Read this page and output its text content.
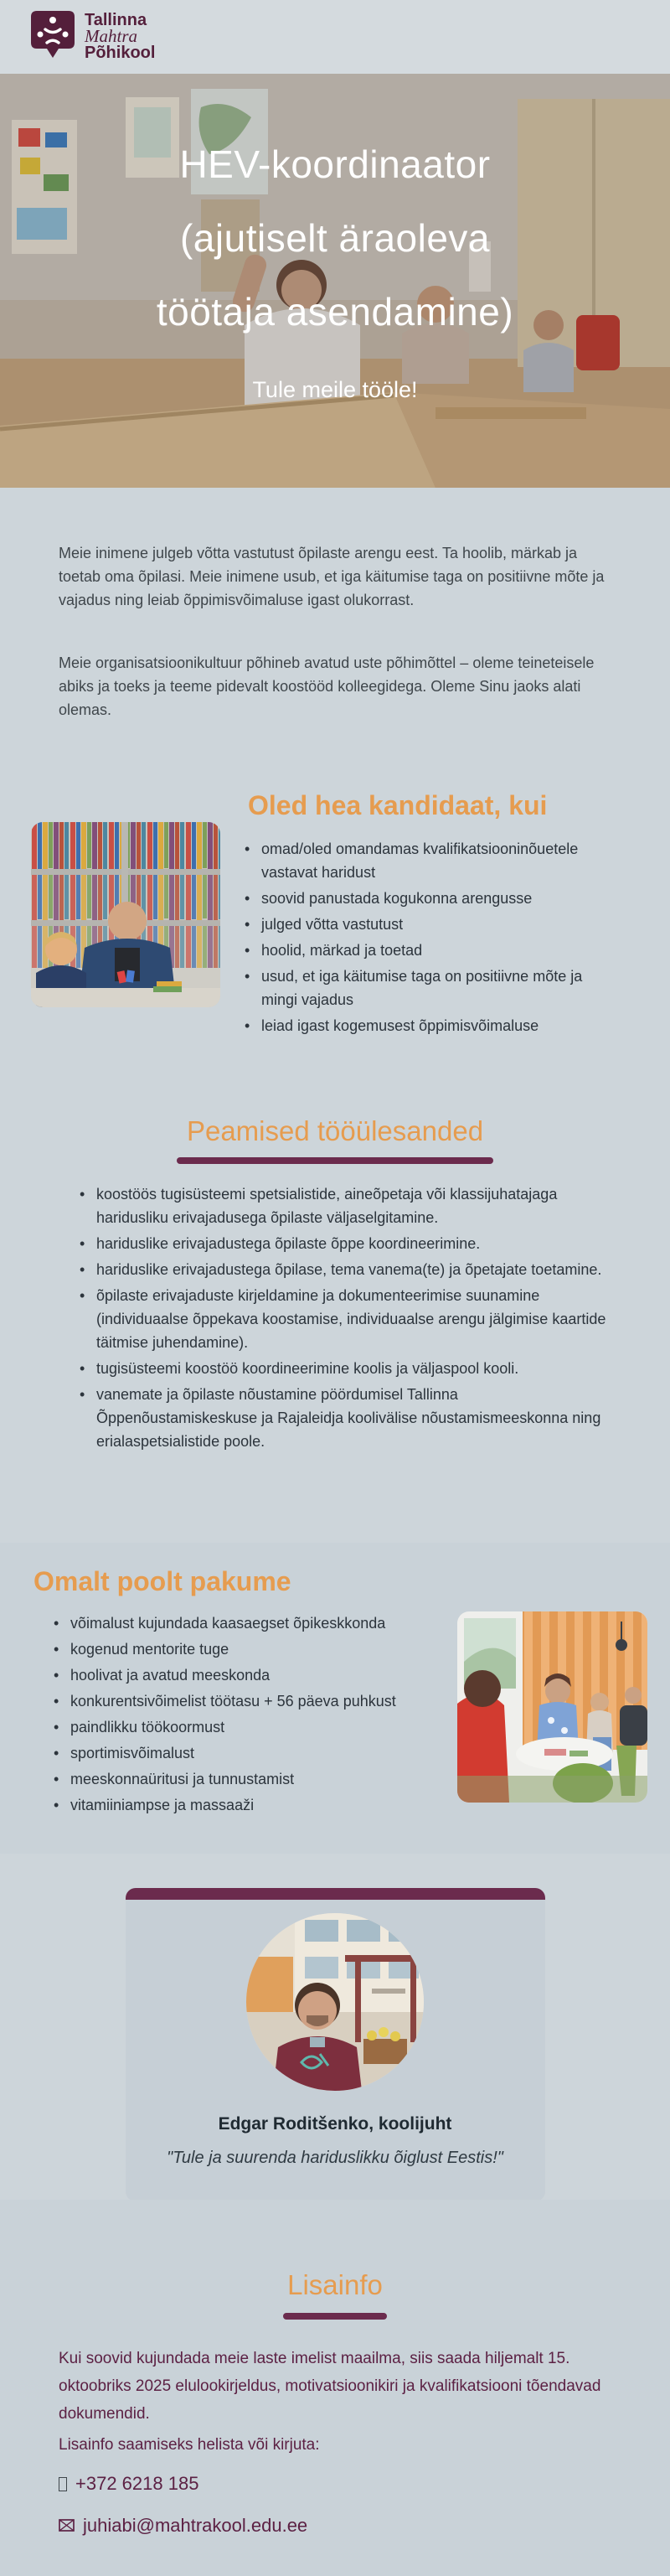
Tallinna
Mahtra
Põhikool
HEV-koordinaator
(ajutiselt äraoleva
töötaja asendamine)
Tule meile tööle!

Meie inimene julgeb võtta vastutust õpilaste arengu eest. Ta hoolib, märkab ja toetab oma õpilasi. Meie inimene usub, et iga käitumise taga on positiivne mõte ja vajadus ning leiab õppimisvõimaluse igast olukorrast.

Meie organisatsioonikultuur põhineb avatud uste põhimõttel – oleme teineteisele abiks ja toeks ja teeme pidevalt koostööd kolleegidega. Oleme Sinu jaoks alati olemas.

Oled hea kandidaat, kui
• omad/oled omandamas kvalifikatsiooninõuetele vastavat haridust
• soovid panustada kogukonna arengusse
• julged võtta vastutust
• hoolid, märkad ja toetad
• usud, et iga käitumise taga on positiivne mõte ja mingi vajadus
• leiad igast kogemusest õppimisvõimaluse
Peamised tööülesanded
• koostöös tugisüsteemi spetsialistide, aineõpetaja või klassijuhatajaga haridusliku erivajadusega õpilaste väljaselgitamine.
• hariduslike erivajadustega õpilaste õppe koordineerimine.
• hariduslike erivajadustega õpilase, tema vanema(te) ja õpetajate toetamine.
• õpilaste erivajaduste kirjeldamine ja dokumenteerimise suunamine (individuaalse õppekava koostamise, individuaalse arengu jälgimise kaartide täitmise juhendamine).
• tugisüsteemi koostöö koordineerimine koolis ja väljaspool kooli.
• vanemate ja õpilaste nõustamine pöördumisel Tallinna Õppenõustamiskeskuse ja Rajaleidja koolivälise nõustamismeeskonna ning erialaspetsialistide poole.
Omalt poolt pakume
• võimalust kujundada kaasaegset õpikeskkonda
• kogenud mentorite tuge
• hoolivat ja avatud meeskonda
• konkurentsivõimelist töötasu + 56 päeva puhkust
• paindlikku töökoormust
• sportimisvõimalust
• meeskonnaüritusi ja tunnustamist
• vitamiiniampse ja massaaži
Edgar Roditšenko, koolijuht
"Tule ja suurenda hariduslikku õiglust Eestis!"
Lisainfo

Kui soovid kujundada meie laste imelist maailma, siis saada hiljemalt 15. oktoobriks 2025 elulookirjeldus, motivatsioonikiri ja kvalifikatsiooni tõendavad dokumendid.

Lisainfo saamiseks helista või kirjuta:

+372 6218 185
juhiabi@mahtrakool.edu.ee
